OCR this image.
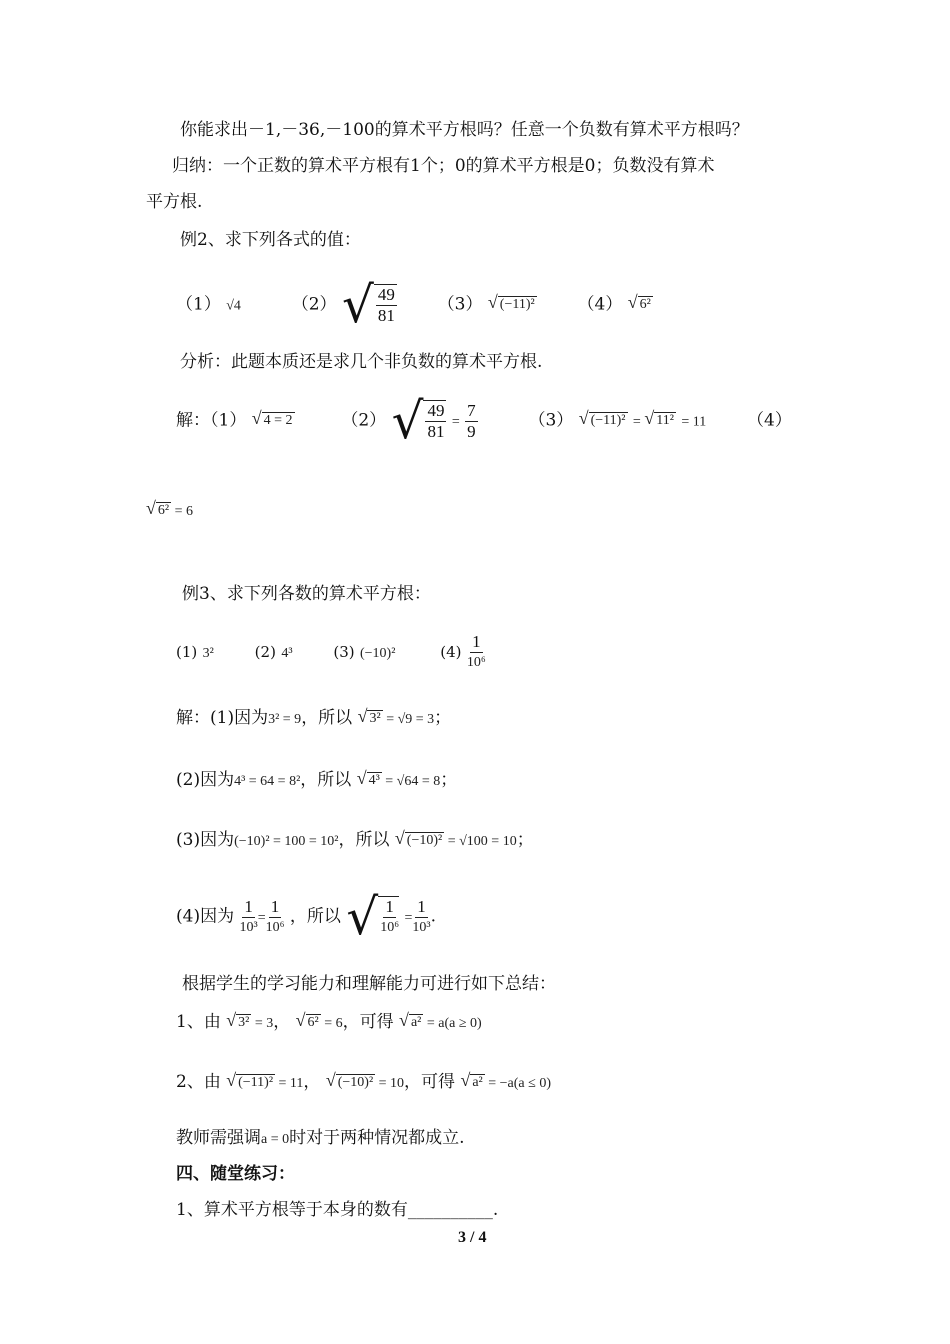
你能求出－1,－36,－100的算术平方根吗？任意一个负数有算术平方根吗？
归纳：一个正数的算术平方根有1个；0的算术平方根是0；负数没有算术
平方根.
例2、求下列各式的值：
（1） √4	（2） √ $\frac{49}{81} (3)$ √ (−11)²	（4） √ 6²
分析：此题本质还是求几个非负数的算术平方根.
解：（1） √ 4 = 2	（2） √ $\frac{49}{81} = \frac{7}{9}$	（3） √ (−11)² = √ 11² = 11 （4）
√ 6² = 6
例3、求下列各数的算术平方根：
(1) 3²	(2) 4³	(3) (−10)²	$(4) \frac{1}{\text{10⁶}}$
解：(1)因为3² = 9，所以 √ 3² = √9 = 3；
(2)因为4³ = 64 = 8²，所以 √ 4³ = √64 = 8；
(3)因为(−10)² = 100 = 10²，所以 √ (−10)² = √100 = 10；
(4)因为 $\frac{1}{\text{10³}} = \frac{1}{\text{10⁶}}$ ，所以 √ $\frac{1}{\text{10⁶}} = \frac{1}{\text{10³}}$ .
根据学生的学习能力和理解能力可进行如下总结：
1、由 √ 3² = 3， √ 6² = 6，可得 √ a² = a(a ≥ 0)
2、由 √ (−11)² = 11， √ (−10)² = 10，可得 √ a² = −a(a ≤ 0)
教师需强调a = 0时对于两种情况都成立.
四、随堂练习：
1、算术平方根等于本身的数有__________.
3 / 4
